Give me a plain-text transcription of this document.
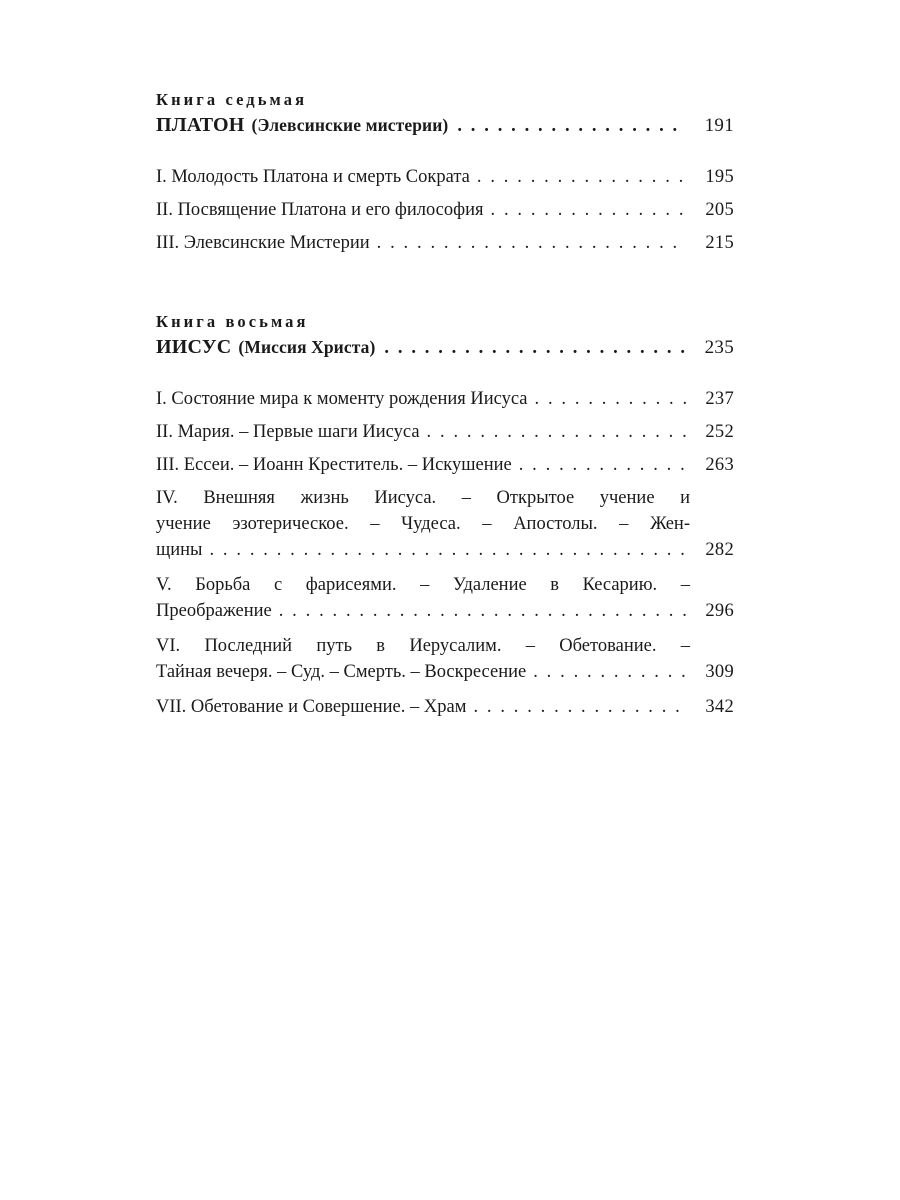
Книга седьмая
ПЛАТОН (Элевсинские мистерии) . . .	191
I. Молодость Платона и смерть Сократа . . .	195
II. Посвящение Платона и его философия . . .	205
III. Элевсинские Мистерии . . .	215
Книга восьмая
ИИСУС (Миссия Христа) . . .	235
I. Состояние мира к моменту рождения Иисуса . . .	237
II. Мария. – Первые шаги Иисуса . . .	252
III. Ессеи. – Иоанн Креститель. – Искушение . . .	263
IV. Внешняя жизнь Иисуса. – Открытое учение и
учение эзотерическое. – Чудеса. – Апостолы. – Жен-
щины . . .	282
V. Борьба с фарисеями. – Удаление в Кесарию. –
Преображение . . .	296
VI. Последний путь в Иерусалим. – Обетование. –
Тайная вечеря. – Суд. – Смерть. – Воскресение . . .	309
VII. Обетование и Совершение. – Храм . . .	342
